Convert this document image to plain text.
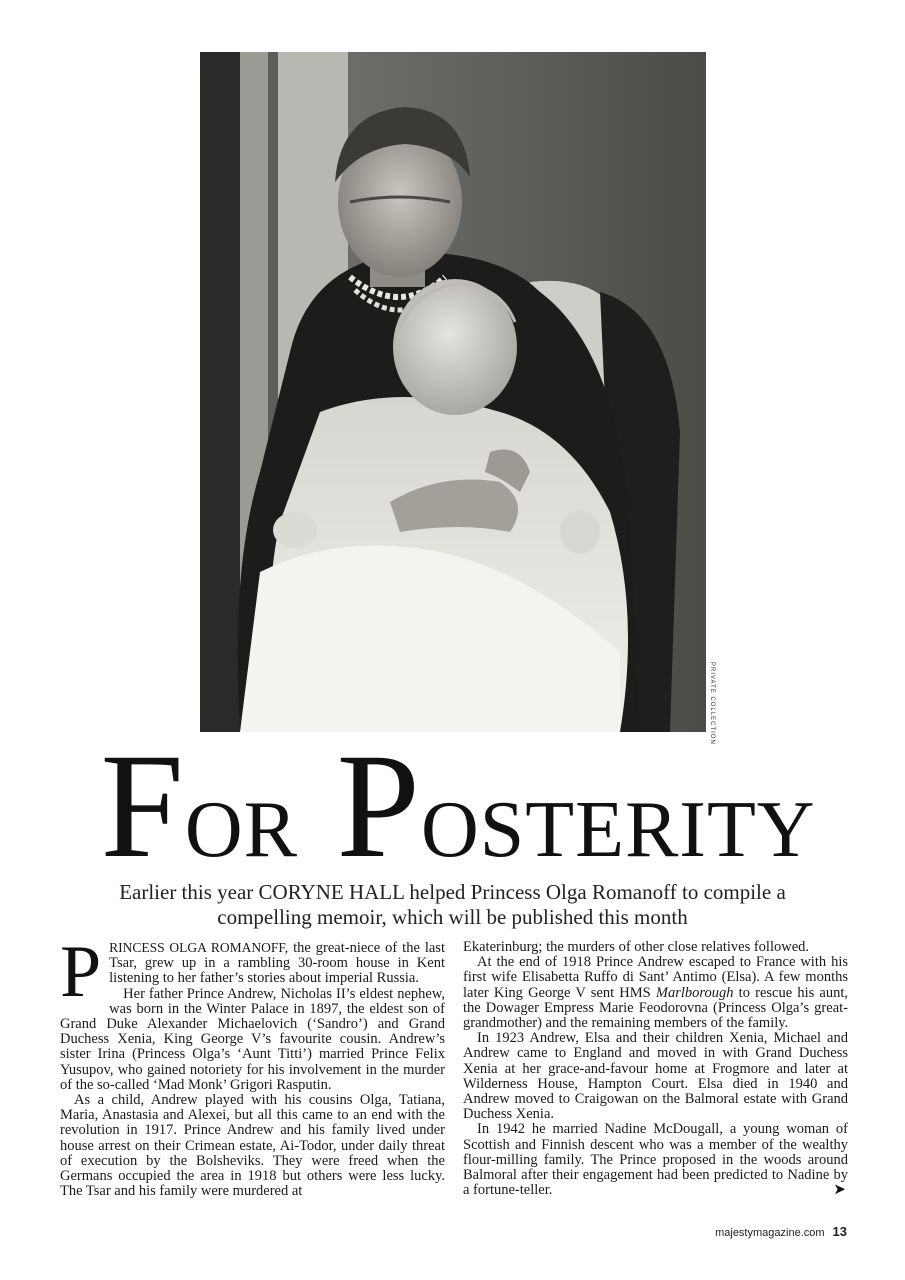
PRIVATE COLLECTION
For Posterity

Earlier this year CORYNE HALL helped Princess Olga Romanoff to compile a
compelling memoir, which will be published this month

PRINCESS OLGA ROMANOFF, the great-niece of the last Tsar, grew up in a rambling 30-room house in Kent listening to her father’s stories about imperial Russia.

Her father Prince Andrew, Nicholas II’s eldest nephew, was born in the Winter Palace in 1897, the eldest son of Grand Duke Alexander Michaelovich (‘Sandro’) and Grand Duchess Xenia, King George V’s favourite cousin. Andrew’s sister Irina (Princess Olga’s ‘Aunt Titti’) married Prince Felix Yusupov, who gained notoriety for his involvement in the murder of the so-called ‘Mad Monk’ Grigori Rasputin.

As a child, Andrew played with his cousins Olga, Tatiana, Maria, Anastasia and Alexei, but all this came to an end with the revolution in 1917. Prince Andrew and his family lived under house arrest on their Crimean estate, Ai-Todor, under daily threat of execution by the Bolsheviks. They were freed when the Germans occupied the area in 1918 but others were less lucky. The Tsar and his family were murdered at

Ekaterinburg; the murders of other close relatives followed.

At the end of 1918 Prince Andrew escaped to France with his first wife Elisabetta Ruffo di Sant’ Antimo (Elsa). A few months later King George V sent HMS Marlborough to rescue his aunt, the Dowager Empress Marie Feodorovna (Princess Olga’s great-grandmother) and the remaining members of the family.

In 1923 Andrew, Elsa and their children Xenia, Michael and Andrew came to England and moved in with Grand Duchess Xenia at her grace-and-favour home at Frogmore and later at Wilderness House, Hampton Court. Elsa died in 1940 and Andrew moved to Craigowan on the Balmoral estate with Grand Duchess Xenia.

In 1942 he married Nadine McDougall, a young woman of Scottish and Finnish descent who was a member of the wealthy flour-milling family. The Prince proposed in the woods around Balmoral after their engagement had been predicted to Nadine by a fortune-teller.	➤

majestymagazine.com 13
